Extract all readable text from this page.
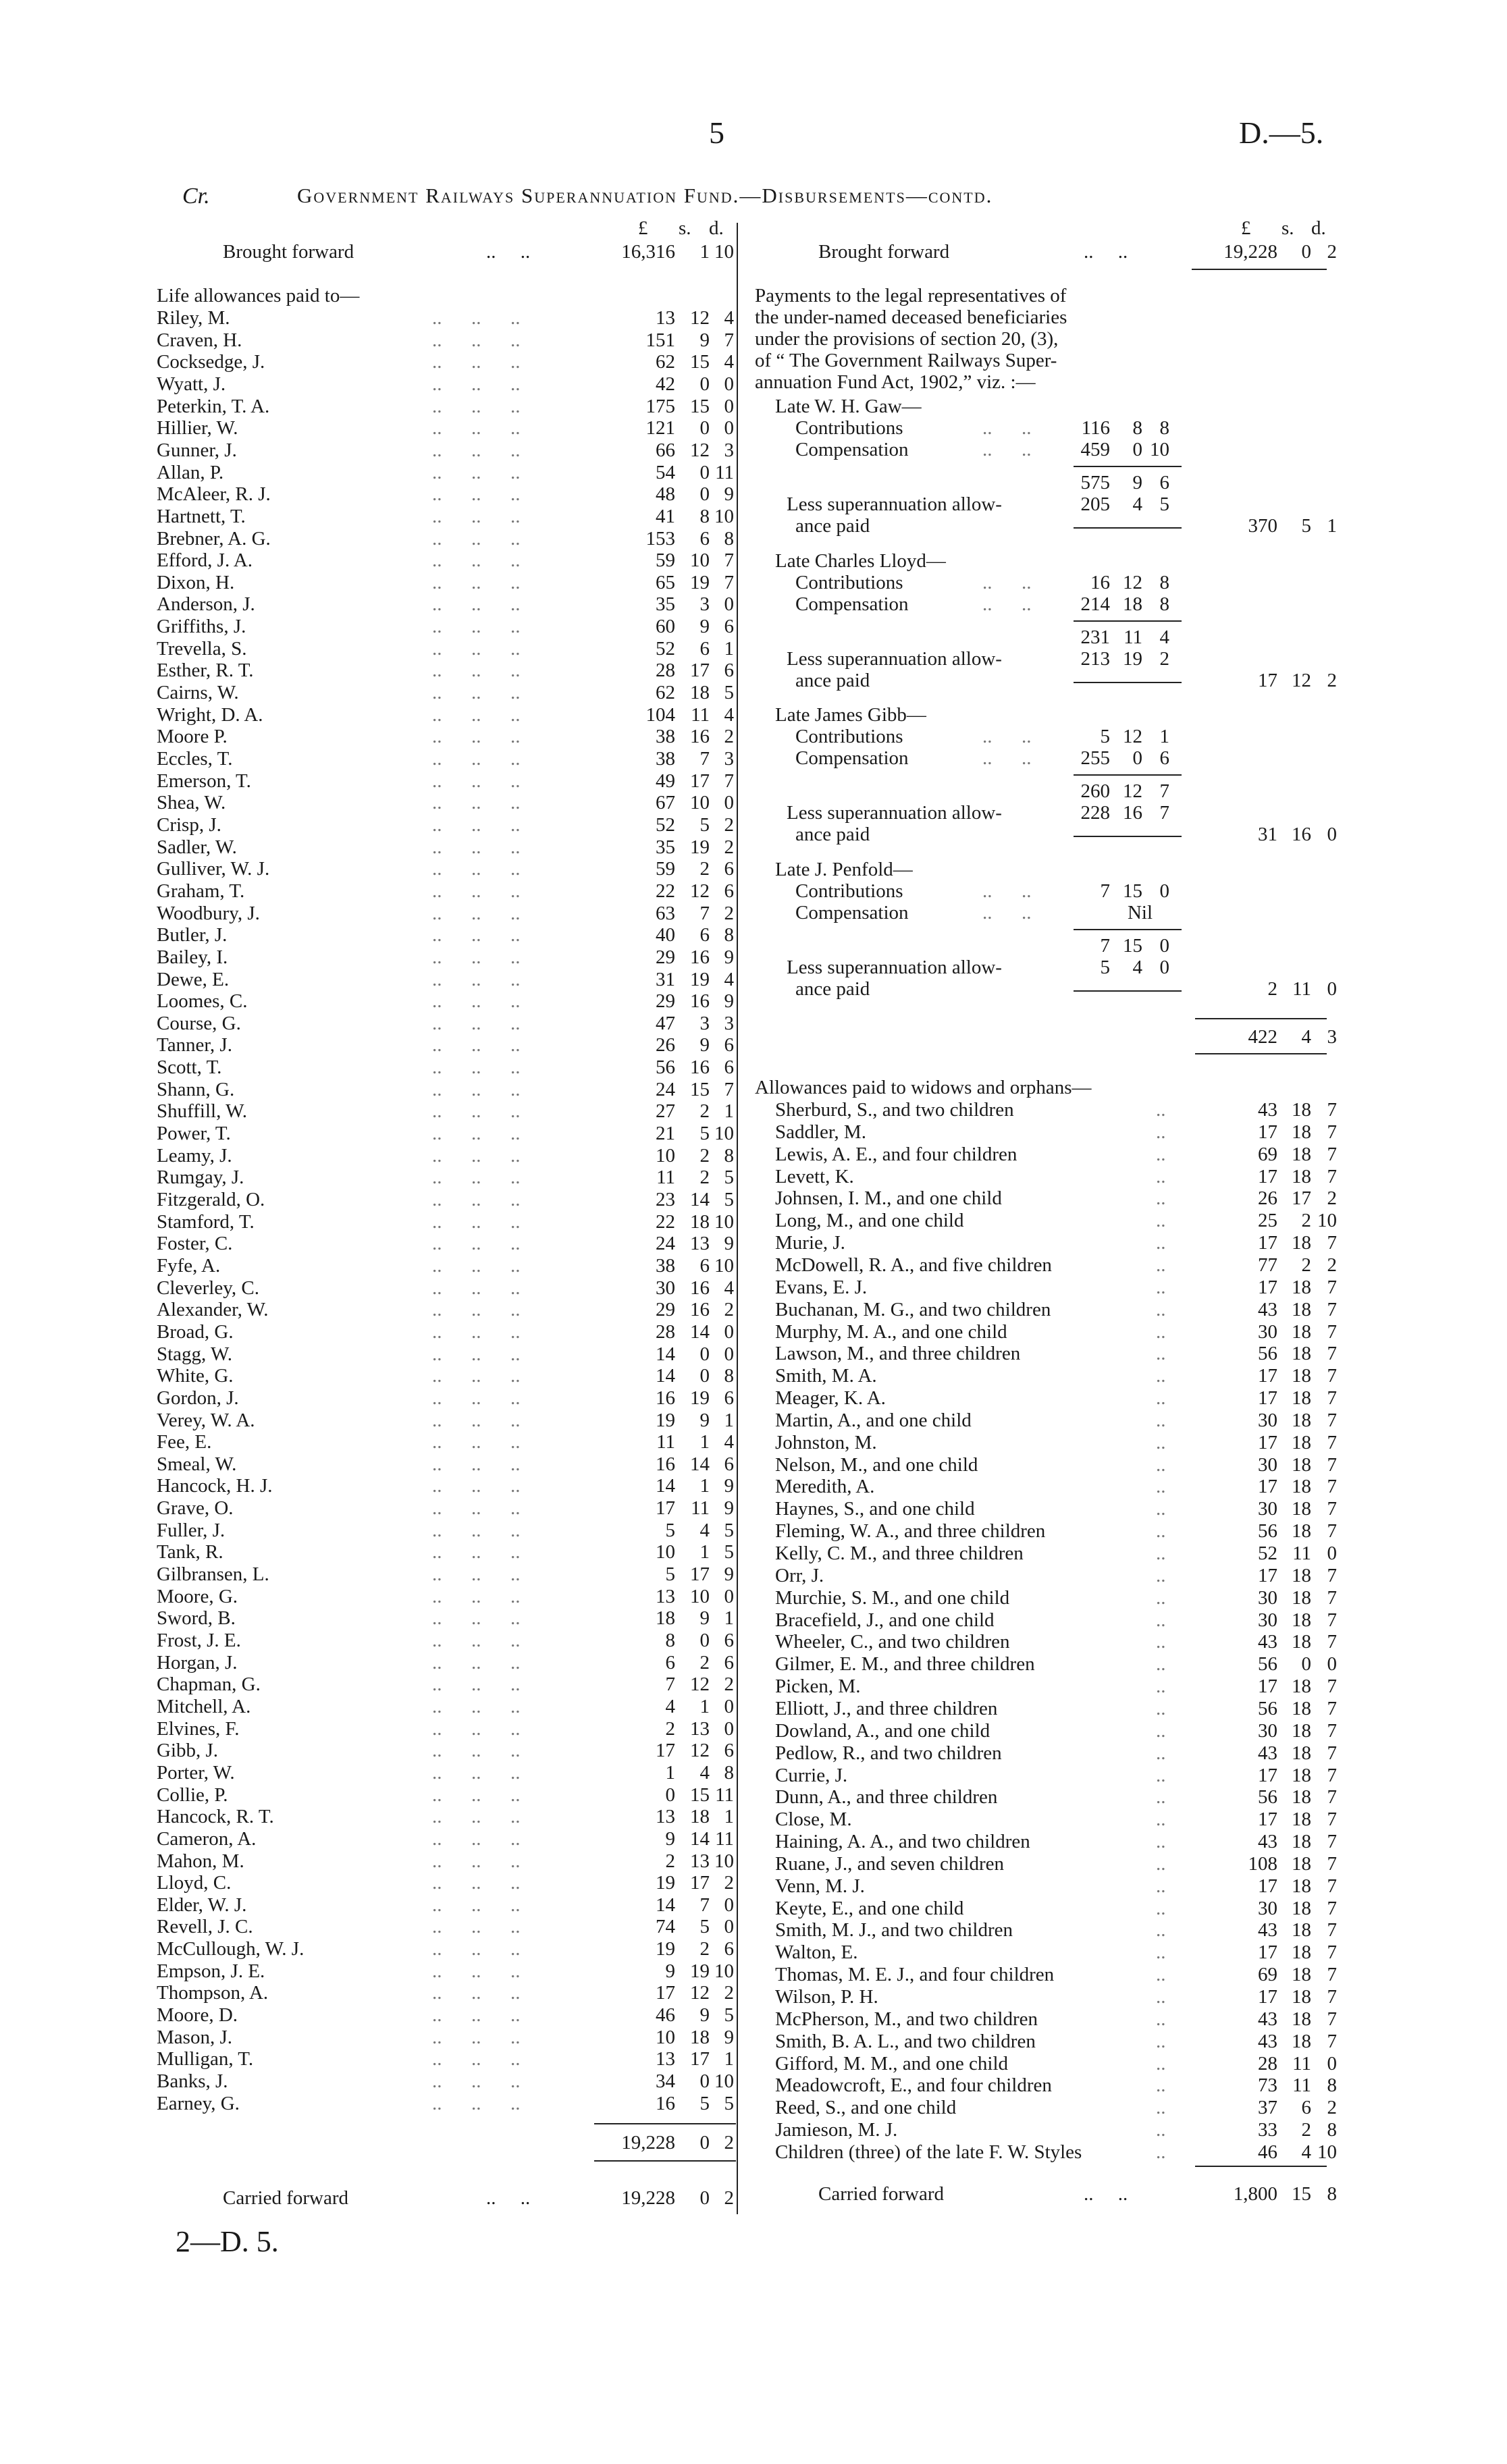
5	D.—5.
Cr.	Government Railways Superannuation Fund.—Disbursements—contd.
£ s. d.	£ s. d.
Brought forward	..     ..	16,316 1 10
Life allowances paid to—
Riley, M.	..      ..      ..	13 12 4
Craven, H.	..      ..      ..	151 9 7
Cocksedge, J.	..      ..      ..	62 15 4
Wyatt, J.	..      ..      ..	42 0 0
Peterkin, T. A.	..      ..      ..	175 15 0
Hillier, W.	..      ..      ..	121 0 0
Gunner, J.	..      ..      ..	66 12 3
Allan, P.	..      ..      ..	54 0 11
McAleer, R. J.	..      ..      ..	48 0 9
Hartnett, T.	..      ..      ..	41 8 10
Brebner, A. G.	..      ..      ..	153 6 8
Efford, J. A.	..      ..      ..	59 10 7
Dixon, H.	..      ..      ..	65 19 7
Anderson, J.	..      ..      ..	35 3 0
Griffiths, J.	..      ..      ..	60 9 6
Trevella, S.	..      ..      ..	52 6 1
Esther, R. T.	..      ..      ..	28 17 6
Cairns, W.	..      ..      ..	62 18 5
Wright, D. A.	..      ..      ..	104 11 4
Moore P.	..      ..      ..	38 16 2
Eccles, T.	..      ..      ..	38 7 3
Emerson, T.	..      ..      ..	49 17 7
Shea, W.	..      ..      ..	67 10 0
Crisp, J.	..      ..      ..	52 5 2
Sadler, W.	..      ..      ..	35 19 2
Gulliver, W. J.	..      ..      ..	59 2 6
Graham, T.	..      ..      ..	22 12 6
Woodbury, J.	..      ..      ..	63 7 2
Butler, J.	..      ..      ..	40 6 8
Bailey, I.	..      ..      ..	29 16 9
Dewe, E.	..      ..      ..	31 19 4
Loomes, C.	..      ..      ..	29 16 9
Course, G.	..      ..      ..	47 3 3
Tanner, J.	..      ..      ..	26 9 6
Scott, T.	..      ..      ..	56 16 6
Shann, G.	..      ..      ..	24 15 7
Shuffill, W.	..      ..      ..	27 2 1
Power, T.	..      ..      ..	21 5 10
Leamy, J.	..      ..      ..	10 2 8
Rumgay, J.	..      ..      ..	11 2 5
Fitzgerald, O.	..      ..      ..	23 14 5
Stamford, T.	..      ..      ..	22 18 10
Foster, C.	..      ..      ..	24 13 9
Fyfe, A.	..      ..      ..	38 6 10
Cleverley, C.	..      ..      ..	30 16 4
Alexander, W.	..      ..      ..	29 16 2
Broad, G.	..      ..      ..	28 14 0
Stagg, W.	..      ..      ..	14 0 0
White, G.	..      ..      ..	14 0 8
Gordon, J.	..      ..      ..	16 19 6
Verey, W. A.	..      ..      ..	19 9 1
Fee, E.	..      ..      ..	11 1 4
Smeal, W.	..      ..      ..	16 14 6
Hancock, H. J.	..      ..      ..	14 1 9
Grave, O.	..      ..      ..	17 11 9
Fuller, J.	..      ..      ..	5 4 5
Tank, R.	..      ..      ..	10 1 5
Gilbransen, L.	..      ..      ..	5 17 9
Moore, G.	..      ..      ..	13 10 0
Sword, B.	..      ..      ..	18 9 1
Frost, J. E.	..      ..      ..	8 0 6
Horgan, J.	..      ..      ..	6 2 6
Chapman, G.	..      ..      ..	7 12 2
Mitchell, A.	..      ..      ..	4 1 0
Elvines, F.	..      ..      ..	2 13 0
Gibb, J.	..      ..      ..	17 12 6
Porter, W.	..      ..      ..	1 4 8
Collie, P.	..      ..      ..	0 15 11
Hancock, R. T.	..      ..      ..	13 18 1
Cameron, A.	..      ..      ..	9 14 11
Mahon, M.	..      ..      ..	2 13 10
Lloyd, C.	..      ..      ..	19 17 2
Elder, W. J.	..      ..      ..	14 7 0
Revell, J. C.	..      ..      ..	74 5 0
McCullough, W. J.	..      ..      ..	19 2 6
Empson, J. E.	..      ..      ..	9 19 10
Thompson, A.	..      ..      ..	17 12 2
Moore, D.	..      ..      ..	46 9 5
Mason, J.	..      ..      ..	10 18 9
Mulligan, T.	..      ..      ..	13 17 1
Banks, J.	..      ..      ..	34 0 10
Earney, G.	..      ..      ..	16 5 5
19,228 0 2
Carried forward	..     ..	19,228 0 2
Brought forward	..     ..	19,228 0 2
Payments to the legal representatives of
the under-named deceased beneficiaries
under the provisions of section 20, (3),
of “ The Government Railways Super-
annuation Fund Act, 1902,” viz. :—
Late W. H. Gaw—
Contributions	..      ..	116 8 8
Compensation	..      ..	459 0 10
575 9 6
Less superannuation allow-	205 4 5
ance paid	370 5 1
Late Charles Lloyd—
Contributions	..      ..	16 12 8
Compensation	..      ..	214 18 8
231 11 4
Less superannuation allow-	213 19 2
ance paid	17 12 2
Late James Gibb—
Contributions	..      ..	5 12 1
Compensation	..      ..	255 0 6
260 12 7
Less superannuation allow-	228 16 7
ance paid	31 16 0
Late J. Penfold—
Contributions	..      ..	7 15 0
Compensation	..      ..	Nil
7 15 0
Less superannuation allow-	5 4 0
ance paid	2 11 0
422 4 3
Allowances paid to widows and orphans—
Sherburd, S., and two children	..	43 18 7
Saddler, M.	..	17 18 7
Lewis, A. E., and four children	..	69 18 7
Levett, K.	..	17 18 7
Johnsen, I. M., and one child	..	26 17 2
Long, M., and one child	..	25 2 10
Murie, J.	..	17 18 7
McDowell, R. A., and five children	..	77 2 2
Evans, E. J.	..	17 18 7
Buchanan, M. G., and two children	..	43 18 7
Murphy, M. A., and one child	..	30 18 7
Lawson, M., and three children	..	56 18 7
Smith, M. A.	..	17 18 7
Meager, K. A.	..	17 18 7
Martin, A., and one child	..	30 18 7
Johnston, M.	..	17 18 7
Nelson, M., and one child	..	30 18 7
Meredith, A.	..	17 18 7
Haynes, S., and one child	..	30 18 7
Fleming, W. A., and three children	..	56 18 7
Kelly, C. M., and three children	..	52 11 0
Orr, J.	..	17 18 7
Murchie, S. M., and one child	..	30 18 7
Bracefield, J., and one child	..	30 18 7
Wheeler, C., and two children	..	43 18 7
Gilmer, E. M., and three children	..	56 0 0
Picken, M.	..	17 18 7
Elliott, J., and three children	..	56 18 7
Dowland, A., and one child	..	30 18 7
Pedlow, R., and two children	..	43 18 7
Currie, J.	..	17 18 7
Dunn, A., and three children	..	56 18 7
Close, M.	..	17 18 7
Haining, A. A., and two children	..	43 18 7
Ruane, J., and seven children	..	108 18 7
Venn, M. J.	..	17 18 7
Keyte, E., and one child	..	30 18 7
Smith, M. J., and two children	..	43 18 7
Walton, E.	..	17 18 7
Thomas, M. E. J., and four children	..	69 18 7
Wilson, P. H.	..	17 18 7
McPherson, M., and two children	..	43 18 7
Smith, B. A. L., and two children	..	43 18 7
Gifford, M. M., and one child	..	28 11 0
Meadowcroft, E., and four children	..	73 11 8
Reed, S., and one child	..	37 6 2
Jamieson, M. J.	..	33 2 8
Children (three) of the late F. W. Styles	..	46 4 10
Carried forward	..     ..	1,800 15 8
2—D. 5.
